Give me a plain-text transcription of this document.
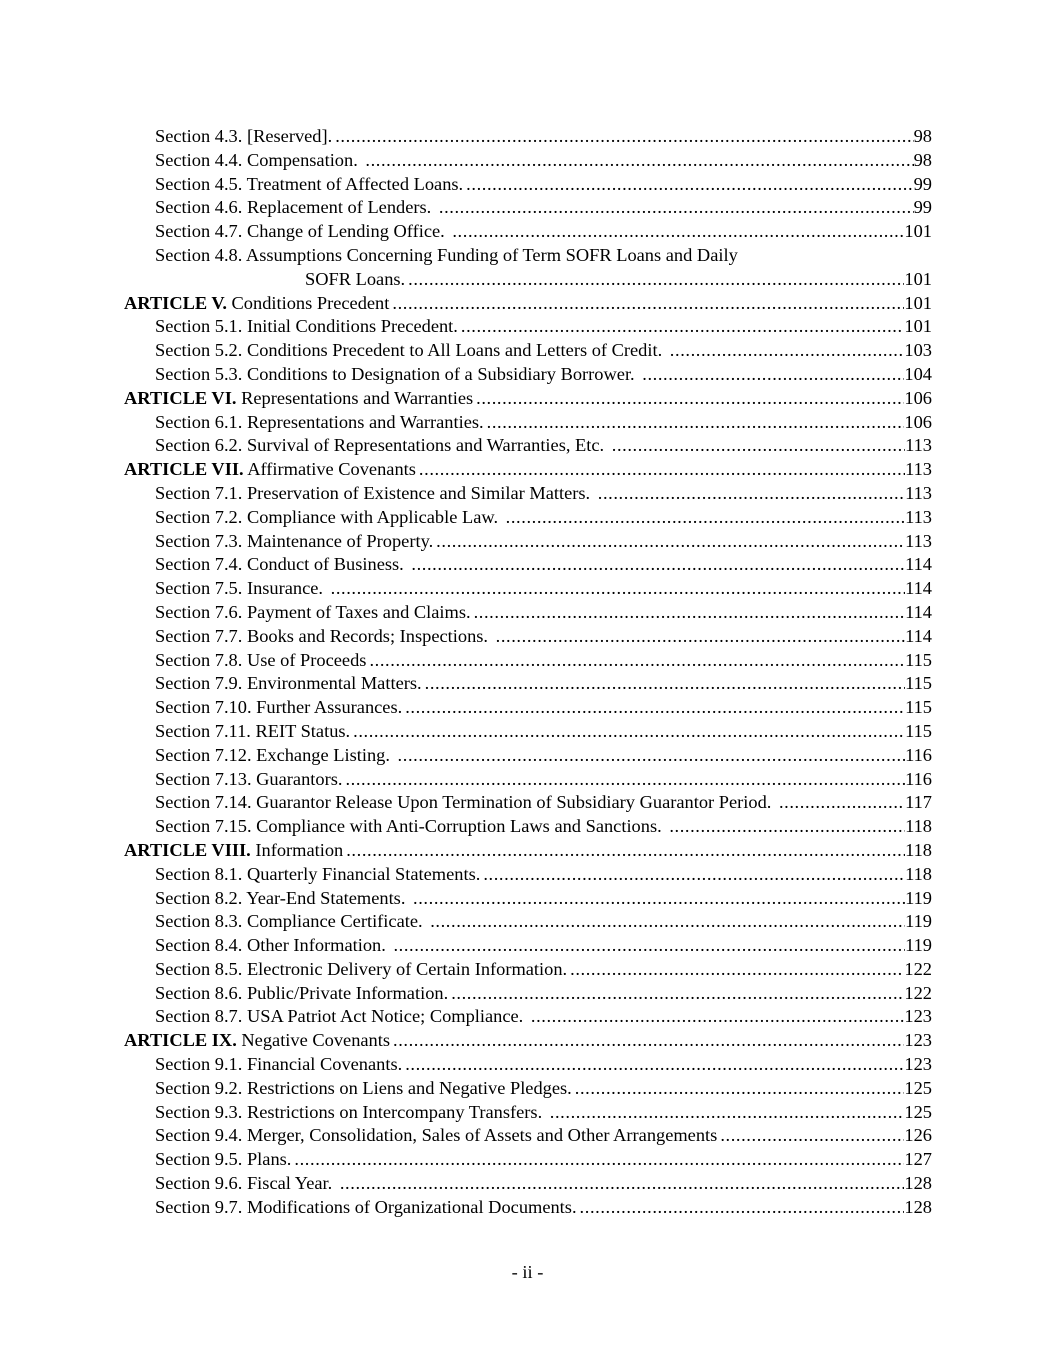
Section 4.3. [Reserved]. .....	98
Section 4.4. Compensation. .....	98
Section 4.5. Treatment of Affected Loans. .....	99
Section 4.6. Replacement of Lenders. .....	99
Section 4.7. Change of Lending Office. .....	101
Section 4.8. Assumptions Concerning Funding of Term SOFR Loans and Daily
SOFR Loans. .....	101
ARTICLE V. Conditions Precedent .....	101
Section 5.1. Initial Conditions Precedent. .....	101
Section 5.2. Conditions Precedent to All Loans and Letters of Credit. .....	103
Section 5.3. Conditions to Designation of a Subsidiary Borrower. .....	104
ARTICLE VI. Representations and Warranties .....	106
Section 6.1. Representations and Warranties. .....	106
Section 6.2. Survival of Representations and Warranties, Etc. .....	113
ARTICLE VII. Affirmative Covenants .....	113
Section 7.1. Preservation of Existence and Similar Matters. .....	113
Section 7.2. Compliance with Applicable Law. .....	113
Section 7.3. Maintenance of Property. .....	113
Section 7.4. Conduct of Business. .....	114
Section 7.5. Insurance. .....	114
Section 7.6. Payment of Taxes and Claims. .....	114
Section 7.7. Books and Records; Inspections. .....	114
Section 7.8. Use of Proceeds .....	115
Section 7.9. Environmental Matters. .....	115
Section 7.10. Further Assurances. .....	115
Section 7.11. REIT Status. .....	115
Section 7.12. Exchange Listing. .....	116
Section 7.13. Guarantors. .....	116
Section 7.14. Guarantor Release Upon Termination of Subsidiary Guarantor Period. .....	117
Section 7.15. Compliance with Anti-Corruption Laws and Sanctions. .....	118
ARTICLE VIII. Information .....	118
Section 8.1. Quarterly Financial Statements. .....	118
Section 8.2. Year-End Statements. .....	119
Section 8.3. Compliance Certificate. .....	119
Section 8.4. Other Information. .....	119
Section 8.5. Electronic Delivery of Certain Information. .....	122
Section 8.6. Public/Private Information. .....	122
Section 8.7. USA Patriot Act Notice; Compliance. .....	123
ARTICLE IX. Negative Covenants .....	123
Section 9.1. Financial Covenants. .....	123
Section 9.2. Restrictions on Liens and Negative Pledges. .....	125
Section 9.3. Restrictions on Intercompany Transfers. .....	125
Section 9.4. Merger, Consolidation, Sales of Assets and Other Arrangements .....	126
Section 9.5. Plans. .....	127
Section 9.6. Fiscal Year. .....	128
Section 9.7. Modifications of Organizational Documents. .....	128
- ii -
